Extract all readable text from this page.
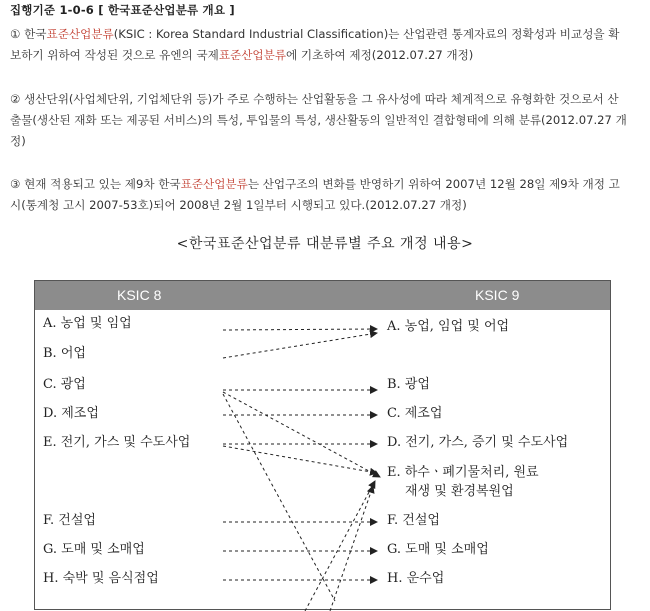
집행기준 1-0-6 [ 한국표준산업분류 개요 ]
① 한국표준산업분류(KSIC : Korea Standard Industrial Classification)는 산업관련 통계자료의 정확성과 비교성을 확보하기 위하여 작성된 것으로 유엔의 국제표준산업분류에 기초하여 제정(2012.07.27 개정)
② 생산단위(사업체단위, 기업체단위 등)가 주로 수행하는 산업활동을 그 유사성에 따라 체계적으로 유형화한 것으로서 산출물(생산된 재화 또는 제공된 서비스)의 특성, 투입물의 특성, 생산활동의 일반적인 결합형태에 의해 분류(2012.07.27 개정)
③ 현재 적용되고 있는 제9차 한국표준산업분류는 산업구조의 변화를 반영하기 위하여 2007년 12월 28일 제9차 개정 고시(통계청 고시 2007-53호)되어 2008년 2월 1일부터 시행되고 있다.(2012.07.27 개정)
<한국표준산업분류 대분류별 주요 개정 내용>
KSIC 8	KSIC 9
A. 농업 및 임업
B. 어업
C. 광업
D. 제조업
E. 전기, 가스 및 수도사업
F. 건설업
G. 도매 및 소매업
H. 숙박 및 음식점업
A. 농업, 임업 및 어업
B. 광업
C. 제조업
D. 전기, 가스, 증기 및 수도사업
E. 하수ㆍ폐기물처리, 원료
재생 및 환경복원업
F. 건설업
G. 도매 및 소매업
H. 운수업
